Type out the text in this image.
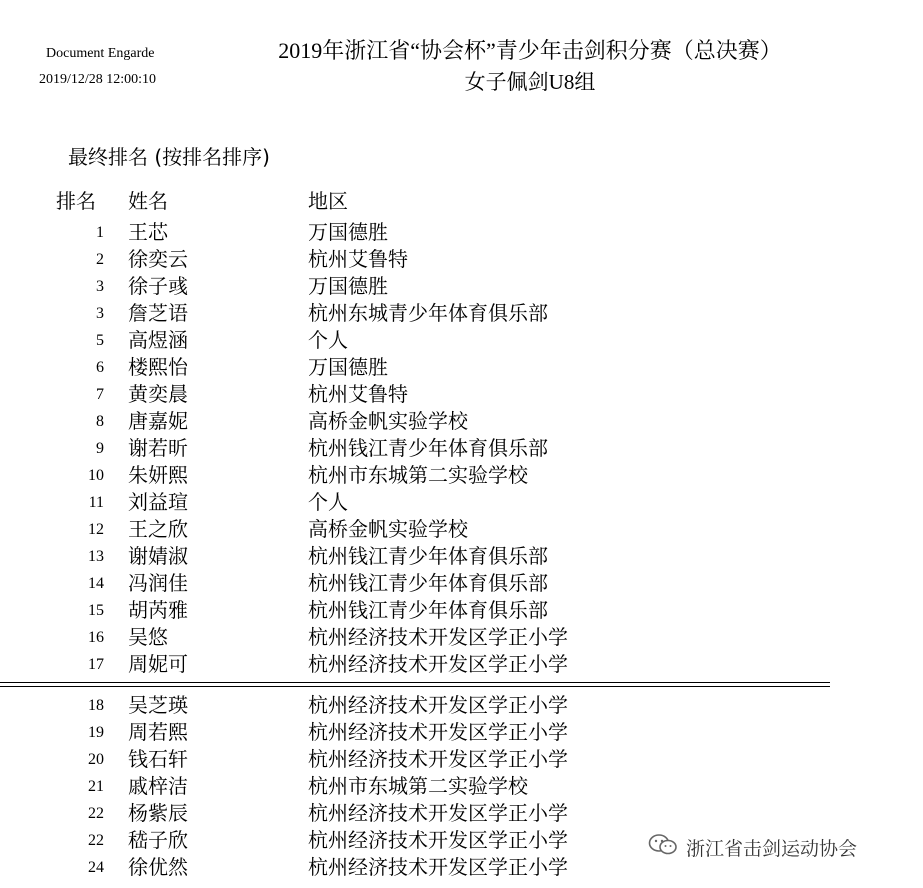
Document Engarde
2019/12/28 12:00:10
2019年浙江省“协会杯”青少年击剑积分赛（总决赛）
女子佩剑U8组
最终排名 (按排名排序)
排名 姓名	地区
1 王芯	万国德胜
2 徐奕云	杭州艾鲁特
3 徐子彧	万国德胜
3 詹芝语	杭州东城青少年体育俱乐部
5 高煜涵	个人
6 楼熙怡	万国德胜
7 黄奕晨	杭州艾鲁特
8 唐嘉妮	高桥金帆实验学校
9 谢若昕	杭州钱江青少年体育俱乐部
10 朱妍熙	杭州市东城第二实验学校
11 刘益瑄	个人
12 王之欣	高桥金帆实验学校
13 谢婧淑	杭州钱江青少年体育俱乐部
14 冯润佳	杭州钱江青少年体育俱乐部
15 胡芮雅	杭州钱江青少年体育俱乐部
16 吴悠	杭州经济技术开发区学正小学
17 周妮可	杭州经济技术开发区学正小学
18 吴芝瑛	杭州经济技术开发区学正小学
19 周若熙	杭州经济技术开发区学正小学
20 钱石轩	杭州经济技术开发区学正小学
21 戚梓洁	杭州市东城第二实验学校
22 杨紫辰	杭州经济技术开发区学正小学
22 嵇子欣	杭州经济技术开发区学正小学
24 徐优然	杭州经济技术开发区学正小学
浙江省击剑运动协会
